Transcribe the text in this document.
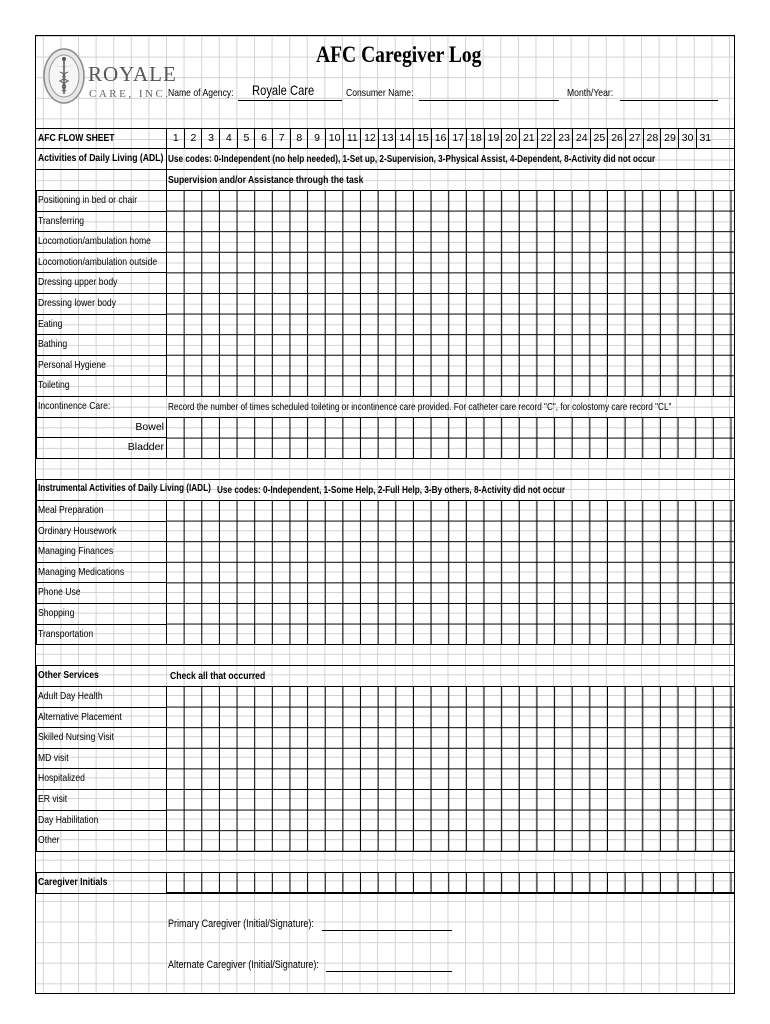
ROYALE
CARE, INC.
AFC Caregiver Log
Name of Agency:	Royale Care	Consumer Name:	Month/Year:
AFC FLOW SHEET	1	2	3	4	5	6	7	8	9 10 11 12 13 14 15 16 17 18 19 20 21 22 23 24 25 26 27 28 29 30 31
Activities of Daily Living (ADL) Use codes: 0-Independent (no help needed), 1-Set up, 2-Supervision, 3-Physical Assist, 4-Dependent, 8-Activity did not occur
Supervision and/or Assistance through the task
Positioning in bed or chair
Transferring
Locomotion/ambulation home
Locomotion/ambulation outside
Dressing upper body
Dressing lower body
Eating
Bathing
Personal Hygiene
Toileting
Incontinence Care:	Record the number of times scheduled toileting or incontinence care provided. For catheter care record "C", for colostomy care record "CL"
Bowel
Bladder
Instrumental Activities of Daily Living (IADL) Use codes: 0-Independent, 1-Some Help, 2-Full Help, 3-By others, 8-Activity did not occur
Meal Preparation
Ordinary Housework
Managing Finances
Managing Medications
Phone Use
Shopping
Transportation
Other Services	Check all that occurred
Adult Day Health
Alternative Placement
Skilled Nursing Visit
MD visit
Hospitalized
ER visit
Day Habilitation
Other
Caregiver Initials
Primary Caregiver (Initial/Signature):
Alternate Caregiver (Initial/Signature):
